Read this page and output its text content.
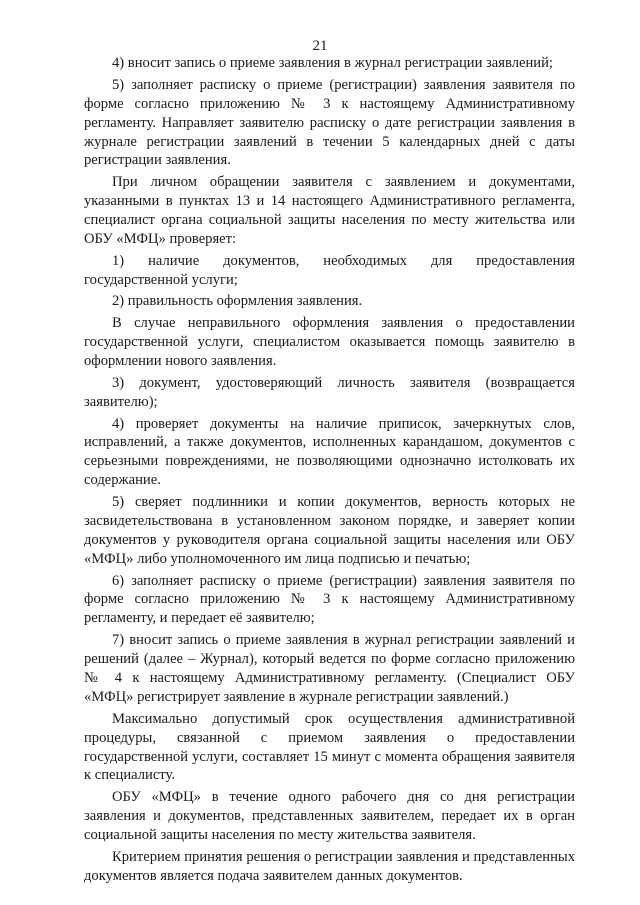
21

4) вносит запись о приеме заявления в журнал регистрации заявлений;

5) заполняет расписку о приеме (регистрации) заявления заявителя по форме согласно приложению № 3 к настоящему Административному регламенту. Направляет заявителю расписку о дате регистрации заявления в журнале регистрации заявлений в течении 5 календарных дней с даты регистрации заявления.

При личном обращении заявителя с заявлением и документами, указанными в пунктах 13 и 14 настоящего Административного регламента, специалист органа социальной защиты населения по месту жительства или ОБУ «МФЦ» проверяет:

1) наличие документов, необходимых для предоставления государственной услуги;

2) правильность оформления заявления.

В случае неправильного оформления заявления о предоставлении государственной услуги, специалистом оказывается помощь заявителю в оформлении нового заявления.

3) документ, удостоверяющий личность заявителя (возвращается заявителю);

4) проверяет документы на наличие приписок, зачеркнутых слов, исправлений, а также документов, исполненных карандашом, документов с серьезными повреждениями, не позволяющими однозначно истолковать их содержание.

5) сверяет подлинники и копии документов, верность которых не засвидетельствована в установленном законом порядке, и заверяет копии документов у руководителя органа социальной защиты населения или ОБУ «МФЦ» либо уполномоченного им лица подписью и печатью;

6) заполняет расписку о приеме (регистрации) заявления заявителя по форме согласно приложению № 3 к настоящему Административному регламенту, и передает её заявителю;

7) вносит запись о приеме заявления в журнал регистрации заявлений и решений (далее – Журнал), который ведется по форме согласно приложению № 4 к настоящему Административному регламенту. (Специалист ОБУ «МФЦ» регистрирует заявление в журнале регистрации заявлений.)

Максимально допустимый срок осуществления административной процедуры, связанной с приемом заявления о предоставлении государственной услуги, составляет 15 минут с момента обращения заявителя к специалисту.

ОБУ «МФЦ» в течение одного рабочего дня со дня регистрации заявления и документов, представленных заявителем, передает их в орган социальной защиты населения по месту жительства заявителя.

Критерием принятия решения о регистрации заявления и представленных документов является подача заявителем данных документов.
